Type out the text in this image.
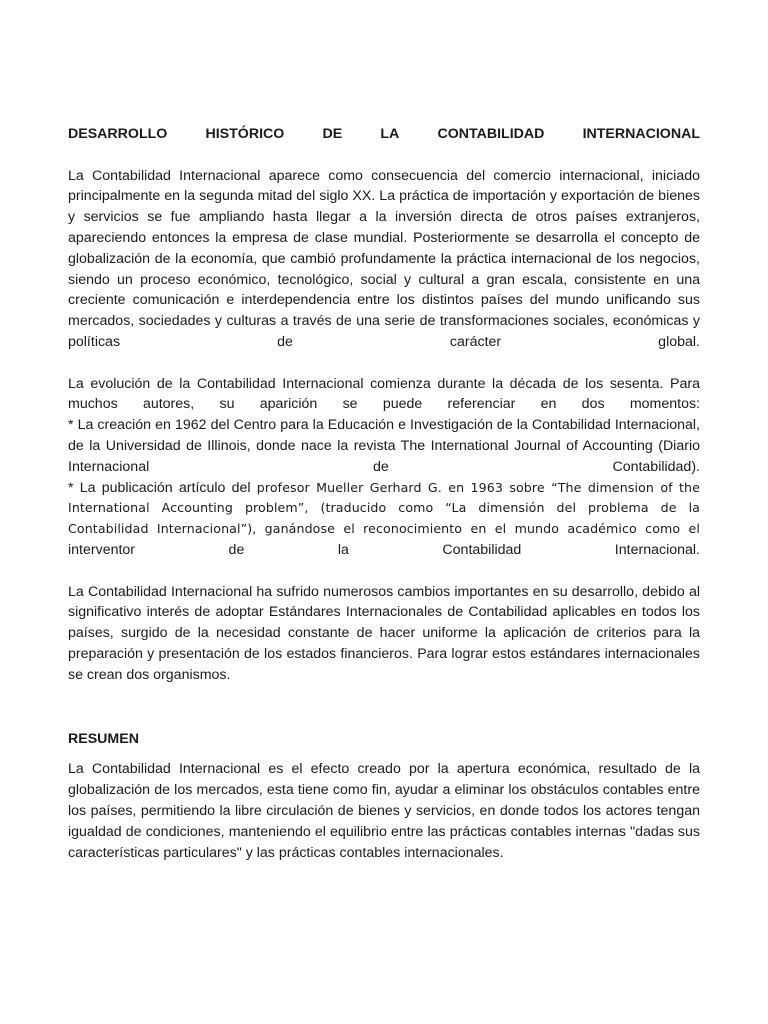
DESARROLLO	HISTÓRICO	DE	LA	CONTABILIDAD	INTERNACIONAL

La Contabilidad Internacional aparece como consecuencia del comercio internacional, iniciado principalmente en la segunda mitad del siglo XX. La práctica de importación y exportación de bienes y servicios se fue ampliando hasta llegar a la inversión directa de otros países extranjeros, apareciendo entonces la empresa de clase mundial. Posteriormente se desarrolla el concepto de globalización de la economía, que cambió profundamente la práctica internacional de los negocios, siendo un proceso económico, tecnológico, social y cultural a gran escala, consistente en una creciente comunicación e interdependencia entre los distintos países del mundo unificando sus mercados, sociedades y culturas a través de una serie de transformaciones sociales, económicas y políticas de carácter global.

La evolución de la Contabilidad Internacional comienza durante la década de los sesenta. Para muchos autores, su aparición se puede referenciar en dos momentos:
* La creación en 1962 del Centro para la Educación e Investigación de la Contabilidad Internacional, de la Universidad de Illinois, donde nace la revista The International Journal of Accounting (Diario Internacional de Contabilidad).
* La publicación artículo del profesor Mueller Gerhard G. en 1963 sobre “The dimension of the International Accounting problem”, (traducido como “La dimensión del problema de la Contabilidad Internacional”), ganándose el reconocimiento en el mundo académico como el
interventor de la Contabilidad Internacional.

La Contabilidad Internacional ha sufrido numerosos cambios importantes en su desarrollo, debido al significativo interés de adoptar Estándares Internacionales de Contabilidad aplicables en todos los países, surgido de la necesidad constante de hacer uniforme la aplicación de criterios para la preparación y presentación de los estados financieros. Para lograr estos estándares internacionales se crean dos organismos.

RESUMEN

La Contabilidad Internacional es el efecto creado por la apertura económica, resultado de la globalización de los mercados, esta tiene como fin, ayudar a eliminar los obstáculos contables entre los países, permitiendo la libre circulación de bienes y servicios, en donde todos los actores tengan igualdad de condiciones, manteniendo el equilibrio entre las prácticas contables internas "dadas sus características particulares" y las prácticas contables internacionales.
